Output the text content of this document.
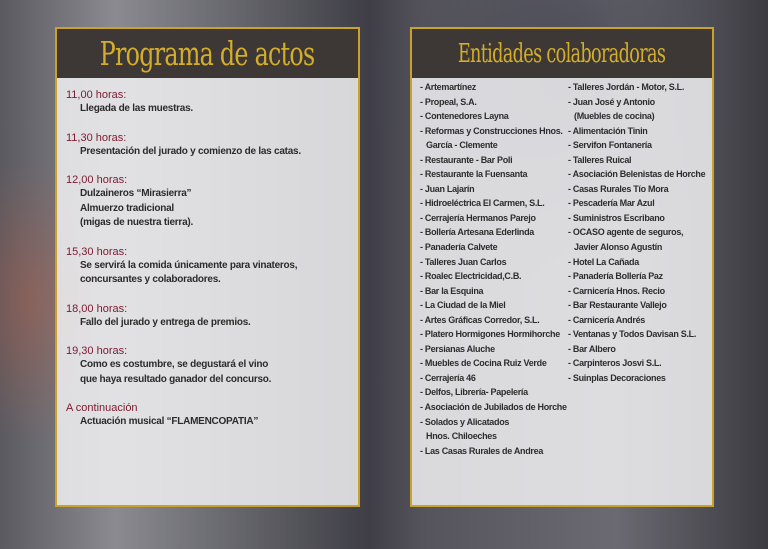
Programa de actos
11,00 horas:
Llegada de las muestras.
11,30 horas:
Presentación del jurado y comienzo de las catas.
12,00 horas:
Dulzaineros “Mirasierra”
Almuerzo tradicional
(migas de nuestra tierra).
15,30 horas:
Se servirá la comida únicamente para vinateros,
concursantes y colaboradores.
18,00 horas:
Fallo del jurado y entrega de premios.
19,30 horas:
Como es costumbre, se degustará el vino
que haya resultado ganador del concurso.
A continuación
Actuación musical “FLAMENCOPATIA”
Entidades colaboradoras
- Artemartínez
- Propeal, S.A.
- Contenedores Layna
- Reformas y Construcciones Hnos.
García - Clemente
- Restaurante - Bar Poli
- Restaurante la Fuensanta
- Juan Lajarín
- Hidroeléctrica El Carmen, S.L.
- Cerrajería Hermanos Parejo
- Bollería Artesana Ederlinda
- Panadería Calvete
- Talleres Juan Carlos
- Roalec Electricidad,C.B.
- Bar la Esquina
- La Ciudad de la Miel
- Artes Gráficas Corredor, S.L.
- Platero Hormigones Hormihorche
- Persianas Aluche
- Muebles de Cocina Ruiz Verde
- Cerrajería 46
- Delfos, Librería- Papelería
- Asociación de Jubilados de Horche
- Solados y Alicatados
Hnos. Chiloeches
- Las Casas Rurales de Andrea
- Talleres Jordán - Motor, S.L.
- Juan José y Antonio
(Muebles de cocina)
- Alimentación Tinin
- Servifon Fontanería
- Talleres Ruical
- Asociación Belenistas de Horche
- Casas Rurales Tío Mora
- Pescadería Mar Azul
- Suministros Escribano
- OCASO agente de seguros,
Javier Alonso Agustín
- Hotel La Cañada
- Panadería Bollería Paz
- Carnicería Hnos. Recio
- Bar Restaurante Vallejo
- Carnicería Andrés
- Ventanas y Todos Davisan S.L.
- Bar Albero
- Carpinteros Josvi S.L.
- Suinplas Decoraciones
